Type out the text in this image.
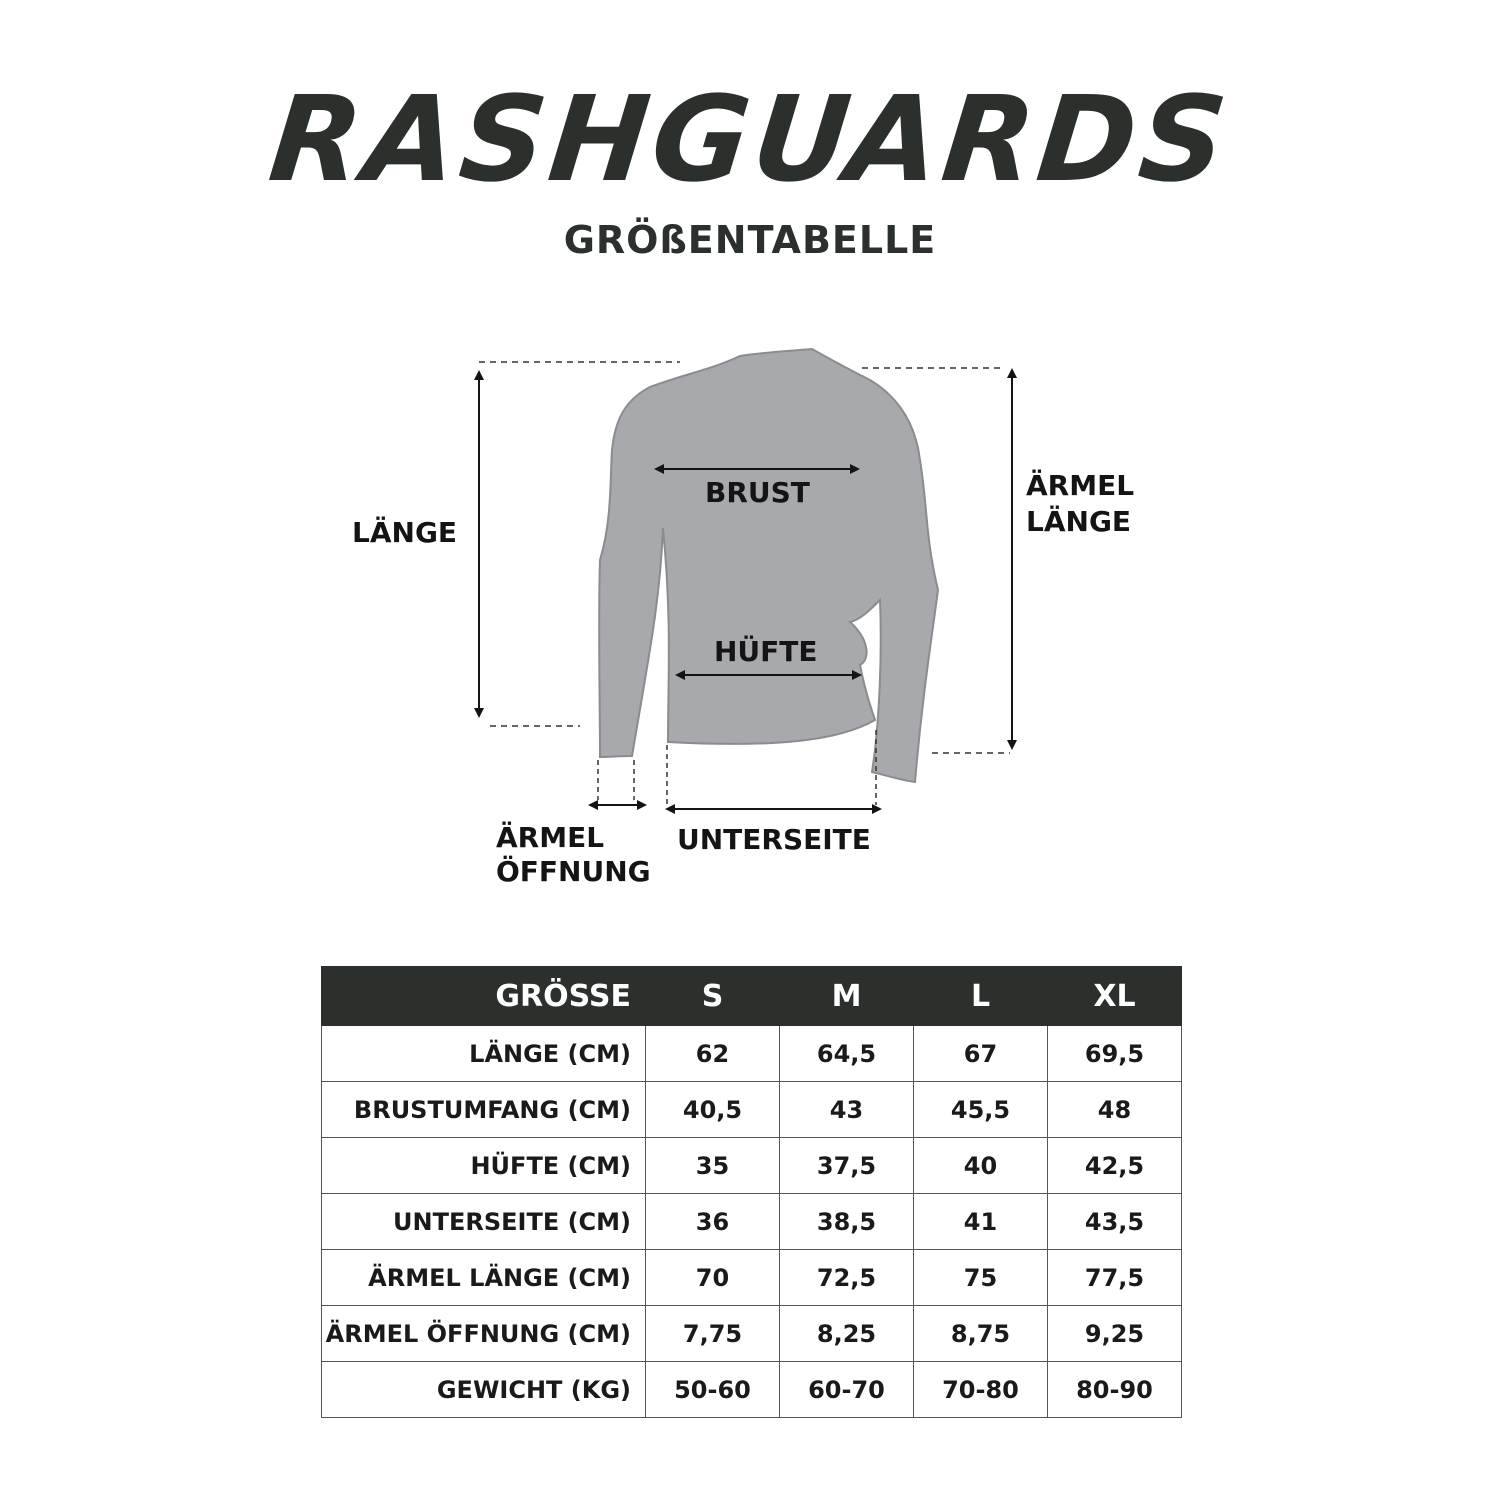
RASHGUARDS
GRÖßENTABELLE
LÄNGE
BRUST
HÜFTE
ÄRMEL
LÄNGE
ÄRMEL
ÖFFNUNG
UNTERSEITE
GRÖSSE	S	M	L	XL
LÄNGE (CM)	62	64,5	67	69,5
BRUSTUMFANG (CM)	40,5	43	45,5	48
HÜFTE (CM)	35	37,5	40	42,5
UNTERSEITE (CM)	36	38,5	41	43,5
ÄRMEL LÄNGE (CM)	70	72,5	75	77,5
ÄRMEL ÖFFNUNG (CM)	7,75	8,25	8,75	9,25
GEWICHT (KG)	50-60	60-70	70-80	80-90
